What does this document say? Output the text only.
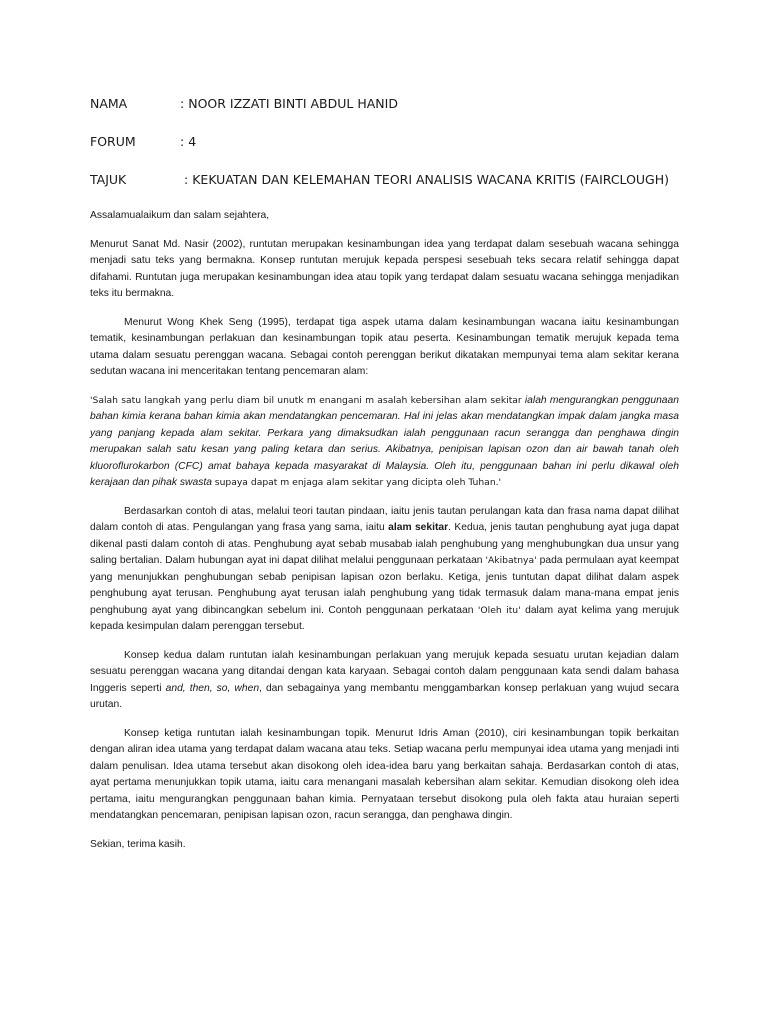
NAMA	: NOOR IZZATI BINTI ABDUL HANID
FORUM	: 4
TAJUK	: KEKUATAN DAN KELEMAHAN TEORI ANALISIS WACANA KRITIS (FAIRCLOUGH)

Assalamualaikum dan salam sejahtera,

Menurut Sanat Md. Nasir (2002), runtutan merupakan kesinambungan idea yang terdapat dalam sesebuah wacana sehingga menjadi satu teks yang bermakna. Konsep runtutan merujuk kepada perspesi sesebuah teks secara relatif sehingga dapat difahami. Runtutan juga merupakan kesinambungan idea atau topik yang terdapat dalam sesuatu wacana sehingga menjadikan teks itu bermakna.

Menurut Wong Khek Seng (1995), terdapat tiga aspek utama dalam kesinambungan wacana iaitu kesinambungan tematik, kesinambungan perlakuan dan kesinambungan topik atau peserta. Kesinambungan tematik merujuk kepada tema utama dalam sesuatu perenggan wacana. Sebagai contoh perenggan berikut dikatakan mempunyai tema alam sekitar kerana sedutan wacana ini menceritakan tentang pencemaran alam:

'Salah satu langkah yang perlu diam bil unutk m enangani m asalah kebersihan alam sekitar ialah mengurangkan penggunaan bahan kimia kerana bahan kimia akan mendatangkan pencemaran. Hal ini jelas akan mendatangkan impak dalam jangka masa yang panjang kepada alam sekitar. Perkara yang dimaksudkan ialah penggunaan racun serangga dan penghawa dingin merupakan salah satu kesan yang paling ketara dan serius. Akibatnya, penipisan lapisan ozon dan air bawah tanah oleh kluoroflurokarbon (CFC) amat bahaya kepada masyarakat di Malaysia. Oleh itu, penggunaan bahan ini perlu dikawal oleh kerajaan dan pihak swasta supaya dapat m enjaga alam sekitar yang dicipta oleh Tuhan.'

Berdasarkan contoh di atas, melalui teori tautan pindaan, iaitu jenis tautan perulangan kata dan frasa nama dapat dilihat dalam contoh di atas. Pengulangan yang frasa yang sama, iaitu alam sekitar. Kedua, jenis tautan penghubung ayat juga dapat dikenal pasti dalam contoh di atas. Penghubung ayat sebab musabab ialah penghubung yang menghubungkan dua unsur yang saling bertalian. Dalam hubungan ayat ini dapat dilihat melalui penggunaan perkataan 'Akibatnya' pada permulaan ayat keempat yang menunjukkan penghubungan sebab penipisan lapisan ozon berlaku. Ketiga, jenis tuntutan dapat dilihat dalam aspek penghubung ayat terusan. Penghubung ayat terusan ialah penghubung yang tidak termasuk dalam mana-mana empat jenis penghubung ayat yang dibincangkan sebelum ini. Contoh penggunaan perkataan 'Oleh itu' dalam ayat kelima yang merujuk kepada kesimpulan dalam perenggan tersebut.

Konsep kedua dalam runtutan ialah kesinambungan perlakuan yang merujuk kepada sesuatu urutan kejadian dalam sesuatu perenggan wacana yang ditandai dengan kata karyaan. Sebagai contoh dalam penggunaan kata sendi dalam bahasa Inggeris seperti and, then, so, when, dan sebagainya yang membantu menggambarkan konsep perlakuan yang wujud secara urutan.

Konsep ketiga runtutan ialah kesinambungan topik. Menurut Idris Aman (2010), ciri kesinambungan topik berkaitan dengan aliran idea utama yang terdapat dalam wacana atau teks. Setiap wacana perlu mempunyai idea utama yang menjadi inti dalam penulisan. Idea utama tersebut akan disokong oleh idea-idea baru yang berkaitan sahaja. Berdasarkan contoh di atas, ayat pertama menunjukkan topik utama, iaitu cara menangani masalah kebersihan alam sekitar. Kemudian disokong oleh idea pertama, iaitu mengurangkan penggunaan bahan kimia. Pernyataan tersebut disokong pula oleh fakta atau huraian seperti mendatangkan pencemaran, penipisan lapisan ozon, racun serangga, dan penghawa dingin.

Sekian, terima kasih.
